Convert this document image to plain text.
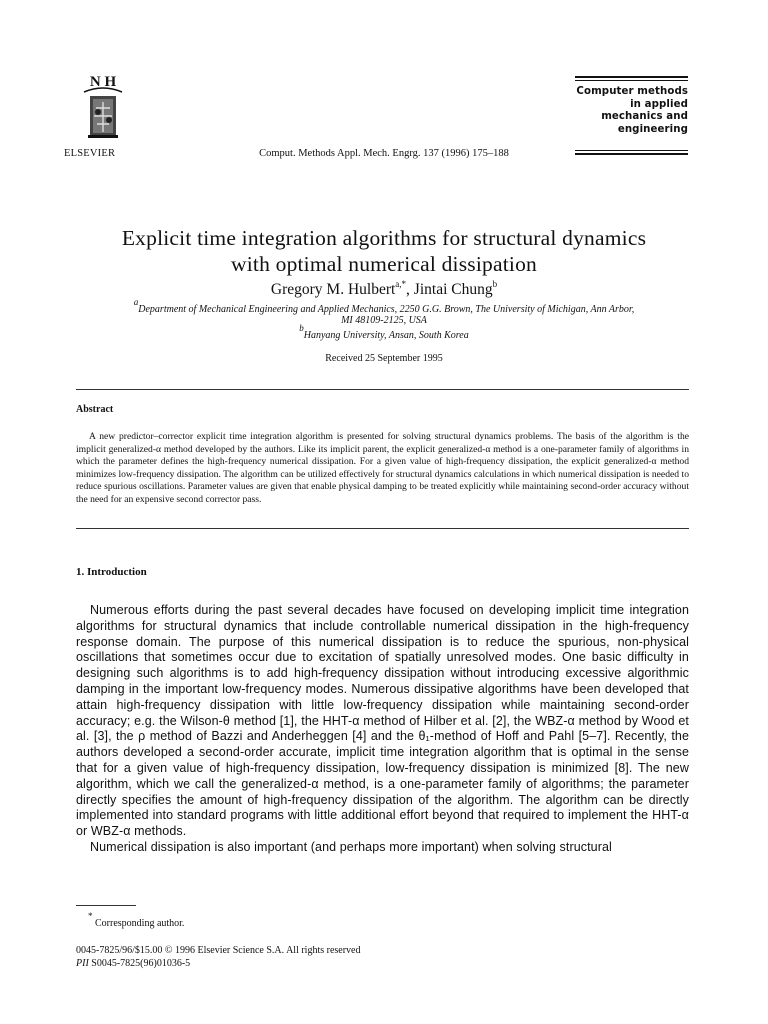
N H
ELSEVIER	Comput. Methods Appl. Mech. Engrg. 137 (1996) 175–188
Computer methods
in applied
mechanics and
engineering
Explicit time integration algorithms for structural dynamics
with optimal numerical dissipation
Gregory M. Hulbert$^{a,*}$, Jintai Chung$^b$
$^a$Department of Mechanical Engineering and Applied Mechanics, 2250 G.G. Brown, The University of Michigan, Ann Arbor,
MI 48109-2125, USA
$^b$Hanyang University, Ansan, South Korea
Received 25 September 1995
Abstract
A new predictor–corrector explicit time integration algorithm is presented for solving structural dynamics problems. The basis of the algorithm is the implicit generalized-α method developed by the authors. Like its implicit parent, the explicit generalized-α method is a one-parameter family of algorithms in which the parameter defines the high-frequency numerical dissipation. For a given value of high-frequency dissipation, the explicit generalized-α method minimizes low-frequency dissipation. The algorithm can be utilized effectively for structural dynamics calculations in which numerical dissipation is needed to reduce spurious oscillations. Parameter values are given that enable physical damping to be treated explicitly while maintaining second-order accuracy without the need for an expensive second corrector pass.
1. Introduction

Numerous efforts during the past several decades have focused on developing implicit time integration algorithms for structural dynamics that include controllable numerical dissipation in the high-frequency response domain. The purpose of this numerical dissipation is to reduce the spurious, non-physical oscillations that sometimes occur due to excitation of spatially unresolved modes. One basic difficulty in designing such algorithms is to add high-frequency dissipation without introducing excessive algorithmic damping in the important low-frequency modes. Numerous dissipative algorithms have been developed that attain high-frequency dissipation with little low-frequency dissipation while maintaining second-order accuracy; e.g. the Wilson-θ method [1], the HHT-α method of Hilber et al. [2], the WBZ-α method by Wood et al. [3], the ρ method of Bazzi and Anderheggen [4] and the θ₁-method of Hoff and Pahl [5–7]. Recently, the authors developed a second-order accurate, implicit time integration algorithm that is optimal in the sense that for a given value of high-frequency dissipation, low-frequency dissipation is minimized [8]. The new algorithm, which we call the generalized-α method, is a one-parameter family of algorithms; the parameter directly specifies the amount of high-frequency dissipation of the algorithm. The algorithm can be directly implemented into standard programs with little additional effort beyond that required to implement the HHT-α or WBZ-α methods.

Numerical dissipation is also important (and perhaps more important) when solving structural

* Corresponding author.
0045-7825/96/$15.00 © 1996 Elsevier Science S.A. All rights reserved
PII S0045-7825(96)01036-5
